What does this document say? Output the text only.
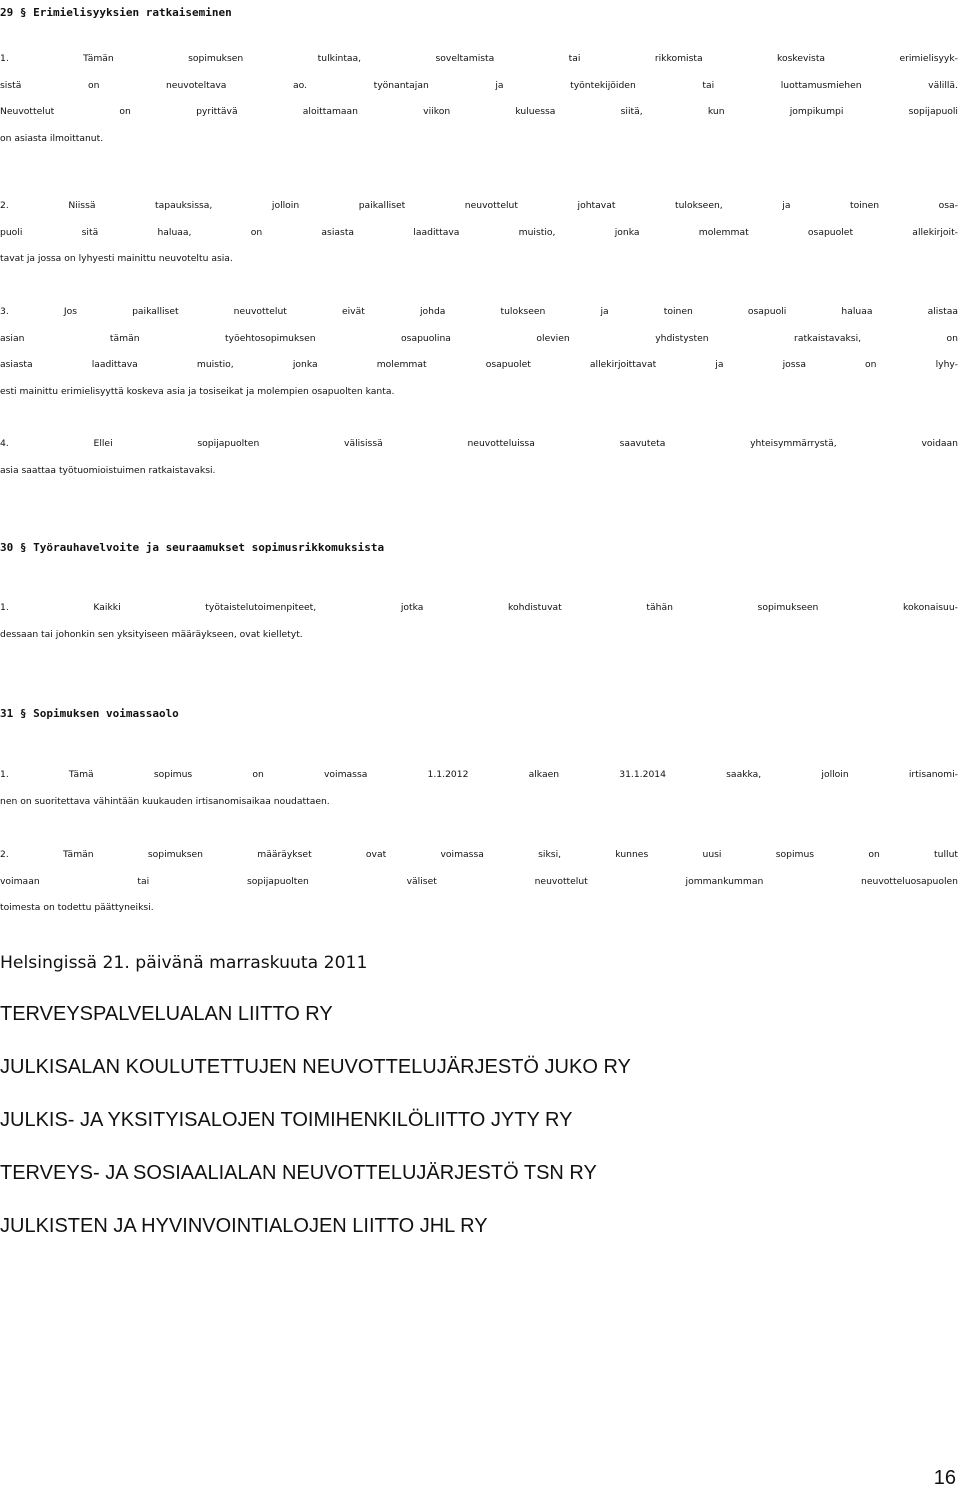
29 § Erimielisyyksien ratkaiseminen

1. Tämän sopimuksen tulkintaa, soveltamista tai rikkomista koskevista erimielisyyk-
sistä on neuvoteltava ao. työnantajan ja työntekijöiden tai luottamusmiehen välillä.
Neuvottelut on pyrittävä aloittamaan viikon kuluessa siitä, kun jompikumpi sopijapuoli
on asiasta ilmoittanut.

2. Niissä tapauksissa, jolloin paikalliset neuvottelut johtavat tulokseen, ja toinen osa-
puoli sitä haluaa, on asiasta laadittava muistio, jonka molemmat osapuolet allekirjoit-
tavat ja jossa on lyhyesti mainittu neuvoteltu asia.

3. Jos paikalliset neuvottelut eivät johda tulokseen ja toinen osapuoli haluaa alistaa
asian tämän työehtosopimuksen osapuolina olevien yhdistysten ratkaistavaksi, on
asiasta laadittava muistio, jonka molemmat osapuolet allekirjoittavat ja jossa on lyhy-
esti mainittu erimielisyyttä koskeva asia ja tosiseikat ja molempien osapuolten kanta.

4. Ellei sopijapuolten välisissä neuvotteluissa saavuteta yhteisymmärrystä, voidaan
asia saattaa työtuomioistuimen ratkaistavaksi.

30 § Työrauhavelvoite ja seuraamukset sopimusrikkomuksista

1. Kaikki työtaistelutoimenpiteet, jotka kohdistuvat tähän sopimukseen kokonaisuu-
dessaan tai johonkin sen yksityiseen määräykseen, ovat kielletyt.

31 § Sopimuksen voimassaolo

1. Tämä sopimus on voimassa 1.1.2012 alkaen 31.1.2014 saakka, jolloin irtisanomi-
nen on suoritettava vähintään kuukauden irtisanomisaikaa noudattaen.

2. Tämän sopimuksen määräykset ovat voimassa siksi, kunnes uusi sopimus on tullut
voimaan tai sopijapuolten väliset neuvottelut jommankumman neuvotteluosapuolen
toimesta on todettu päättyneiksi.

Helsingissä 21. päivänä marraskuuta 2011

TERVEYSPALVELUALAN LIITTO RY

JULKISALAN KOULUTETTUJEN NEUVOTTELUJÄRJESTÖ JUKO RY

JULKIS- JA YKSITYISALOJEN TOIMIHENKILÖLIITTO JYTY RY

TERVEYS- JA SOSIAALIALAN NEUVOTTELUJÄRJESTÖ TSN RY

JULKISTEN JA HYVINVOINTIALOJEN LIITTO JHL RY

16
